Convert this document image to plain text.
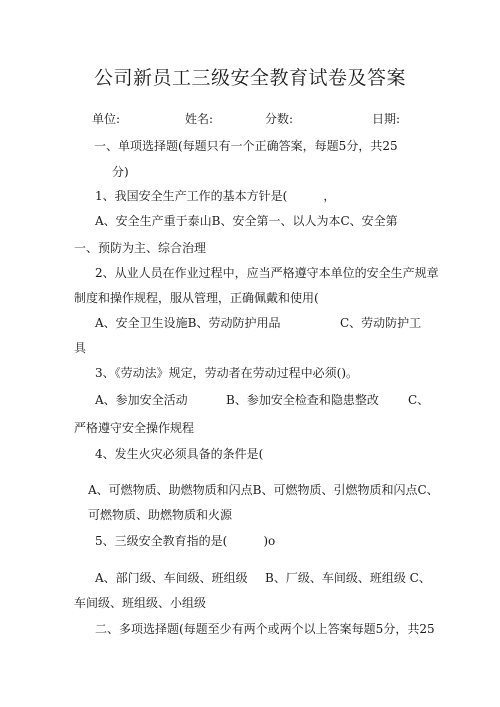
公司新员工三级安全教育试卷及答案
单位:	姓名:	分数:	日期:
一、单项选择题(每题只有一个正确答案，每题5分，共25
分)
1、我国安全生产工作的基本方针是(　　　，
A、安全生产重于泰山B、安全第一、以人为本C、安全第
一、预防为主、综合治理
2、从业人员在作业过程中，应当严格遵守本单位的安全生产规章
制度和操作规程，服从管理，正确佩戴和使用(
A、安全卫生设施B、劳动防护用品	C、劳动防护工
具
3、《劳动法》规定，劳动者在劳动过程中必须()。
A、参加安全活动	B、参加安全检查和隐患整改 C、
严格遵守安全操作规程
4、发生火灾必须具备的条件是(
A、可燃物质、助燃物质和闪点B、可燃物质、引燃物质和闪点C、
可燃物质、助燃物质和火源
5、三级安全教育指的是(　　　)o
A、部门级、车间级、班组级 B、厂级、车间级、班组级 C、
车间级、班组级、小组级
二、多项选择题(每题至少有两个或两个以上答案每题5分，共25
